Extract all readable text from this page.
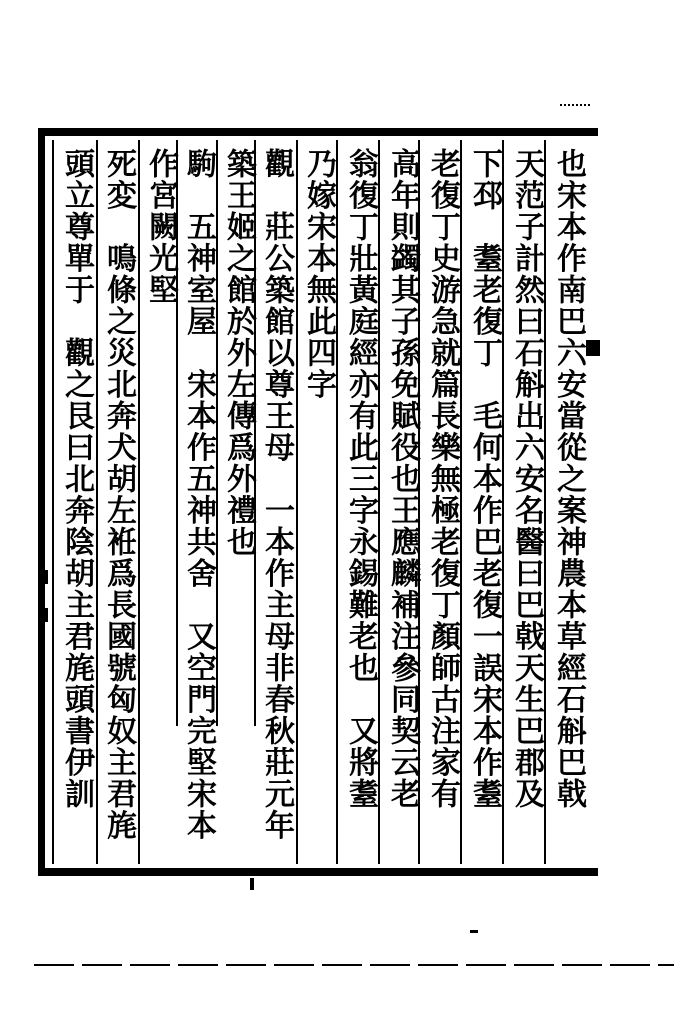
也宋本作南巴六安當從之案神農本草經石斛巴戟
天范子計然曰石斛出六安名醫曰巴戟天生巴郡及
下邳　耋老復丁　毛何本作巴老復一誤宋本作耋
老復丁史游急就篇長樂無極老復丁顏師古注家有
高年則蠲其子孫免賦役也王應麟補注參同契云老
翁復丁壯黃庭經亦有此三字永錫難老也　又將耋
乃嫁宋本無此四字
觀　莊公築館以尊王母　一本作主母非春秋莊元年
築王姬之館於外左傳爲外禮也
駒　五神室屋　宋本作五神共舍　又空門完堅宋本
作宮闕光堅
死変　鳴條之災北奔犬胡左袵爲長國號匈奴主君旄
頭立尊單于　觀之艮曰北奔陰胡主君旄頭書伊訓
